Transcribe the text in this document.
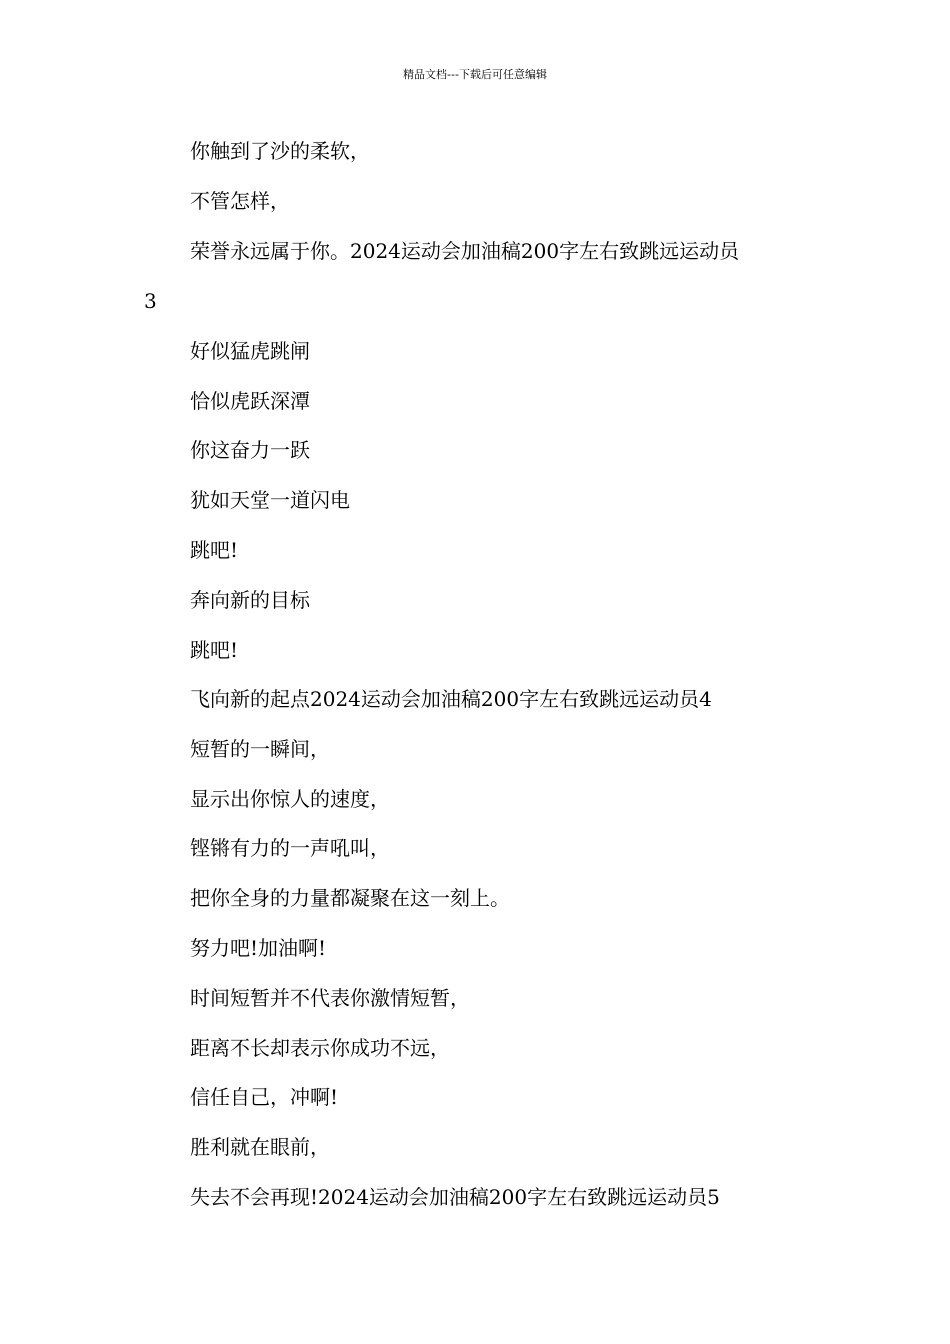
精品文档---下载后可任意编辑
你触到了沙的柔软，
不管怎样，
荣誉永远属于你。2024运动会加油稿200字左右致跳远运动员
3
好似猛虎跳闸
恰似虎跃深潭
你这奋力一跃
犹如天堂一道闪电
跳吧!
奔向新的目标
跳吧!
飞向新的起点2024运动会加油稿200字左右致跳远运动员4
短暂的一瞬间，
显示出你惊人的速度，
铿锵有力的一声吼叫，
把你全身的力量都凝聚在这一刻上。
努力吧!加油啊!
时间短暂并不代表你激情短暂，
距离不长却表示你成功不远，
信任自己，冲啊!
胜利就在眼前，
失去不会再现!2024运动会加油稿200字左右致跳远运动员5
